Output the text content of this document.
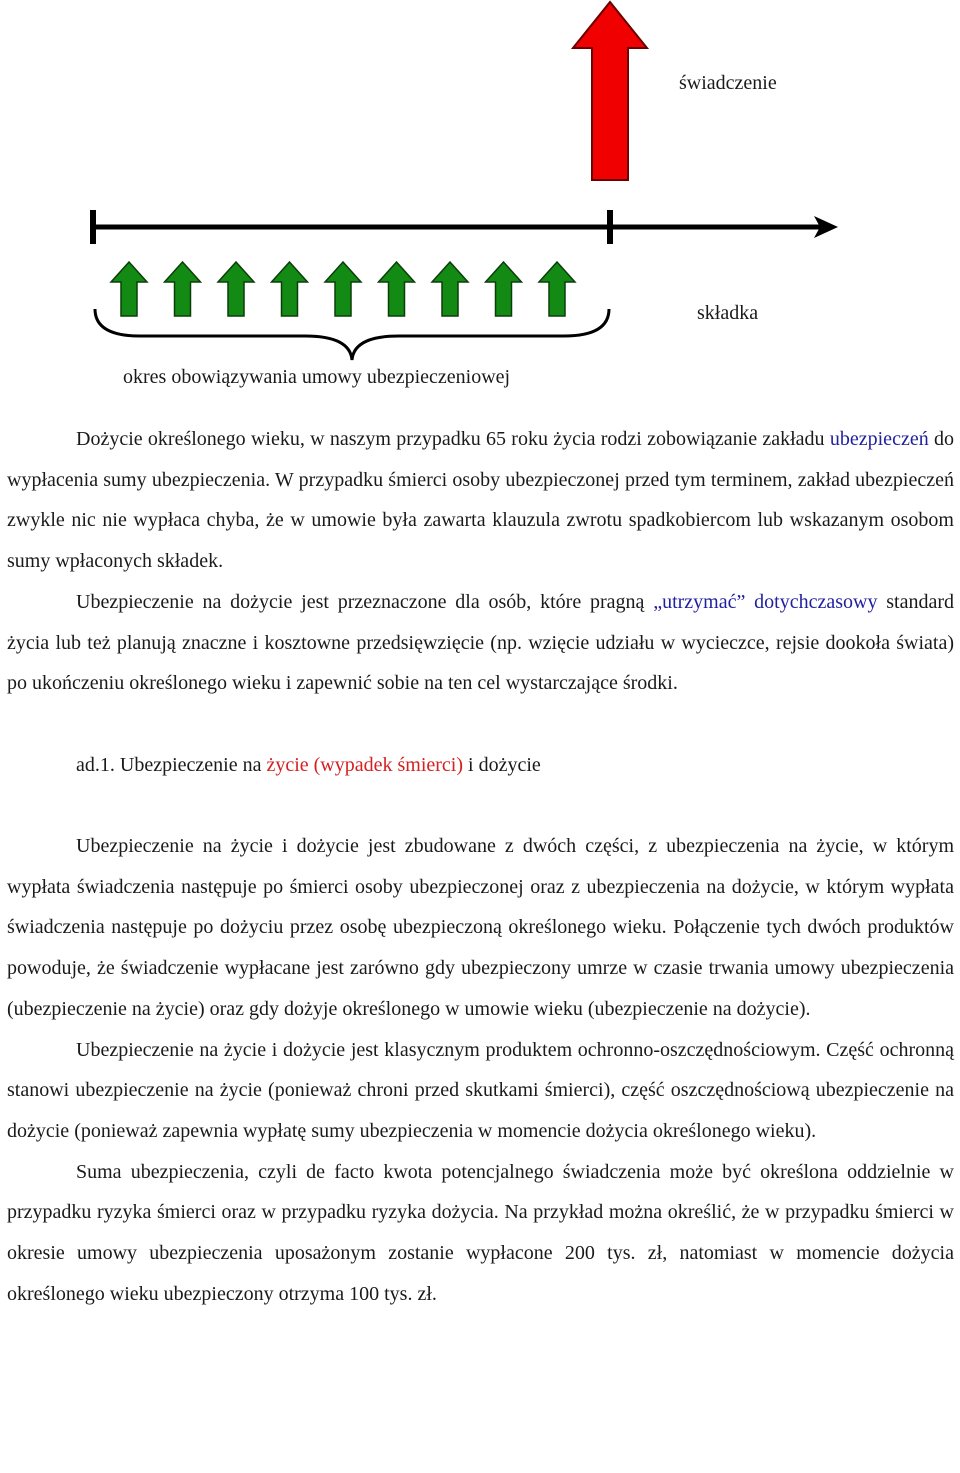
świadczenie
składka
okres obowiązywania umowy ubezpieczeniowej

Dożycie określonego wieku, w naszym przypadku 65 roku życia rodzi zobowiązanie zakładu ubezpieczeń do wypłacenia sumy ubezpieczenia. W przypadku śmierci osoby ubezpieczonej przed tym terminem, zakład ubezpieczeń zwykle nic nie wypłaca chyba, że w umowie była zawarta klauzula zwrotu spadkobiercom lub wskazanym osobom sumy wpłaconych składek.

Ubezpieczenie na dożycie jest przeznaczone dla osób, które pragną „utrzymać” dotychczasowy standard życia lub też planują znaczne i kosztowne przedsięwzięcie (np. wzięcie udziału w wycieczce, rejsie dookoła świata) po ukończeniu określonego wieku i zapewnić sobie na ten cel wystarczające środki.

ad.1. Ubezpieczenie na życie (wypadek śmierci) i dożycie

Ubezpieczenie na życie i dożycie jest zbudowane z dwóch części, z ubezpieczenia na życie, w którym wypłata świadczenia następuje po śmierci osoby ubezpieczonej oraz z ubezpieczenia na dożycie, w którym wypłata świadczenia następuje po dożyciu przez osobę ubezpieczoną określonego wieku. Połączenie tych dwóch produktów powoduje, że świadczenie wypłacane jest zarówno gdy ubezpieczony umrze w czasie trwania umowy ubezpieczenia (ubezpieczenie na życie) oraz gdy dożyje określonego w umowie wieku (ubezpieczenie na dożycie).

Ubezpieczenie na życie i dożycie jest klasycznym produktem ochronno-oszczędnościowym. Część ochronną stanowi ubezpieczenie na życie (ponieważ chroni przed skutkami śmierci), część oszczędnościową ubezpieczenie na dożycie (ponieważ zapewnia wypłatę sumy ubezpieczenia w momencie dożycia określonego wieku).

Suma ubezpieczenia, czyli de facto kwota potencjalnego świadczenia może być określona oddzielnie w przypadku ryzyka śmierci oraz w przypadku ryzyka dożycia. Na przykład można określić, że w przypadku śmierci w okresie umowy ubezpieczenia uposażonym zostanie wypłacone 200 tys. zł, natomiast w momencie dożycia określonego wieku ubezpieczony otrzyma 100 tys. zł.
